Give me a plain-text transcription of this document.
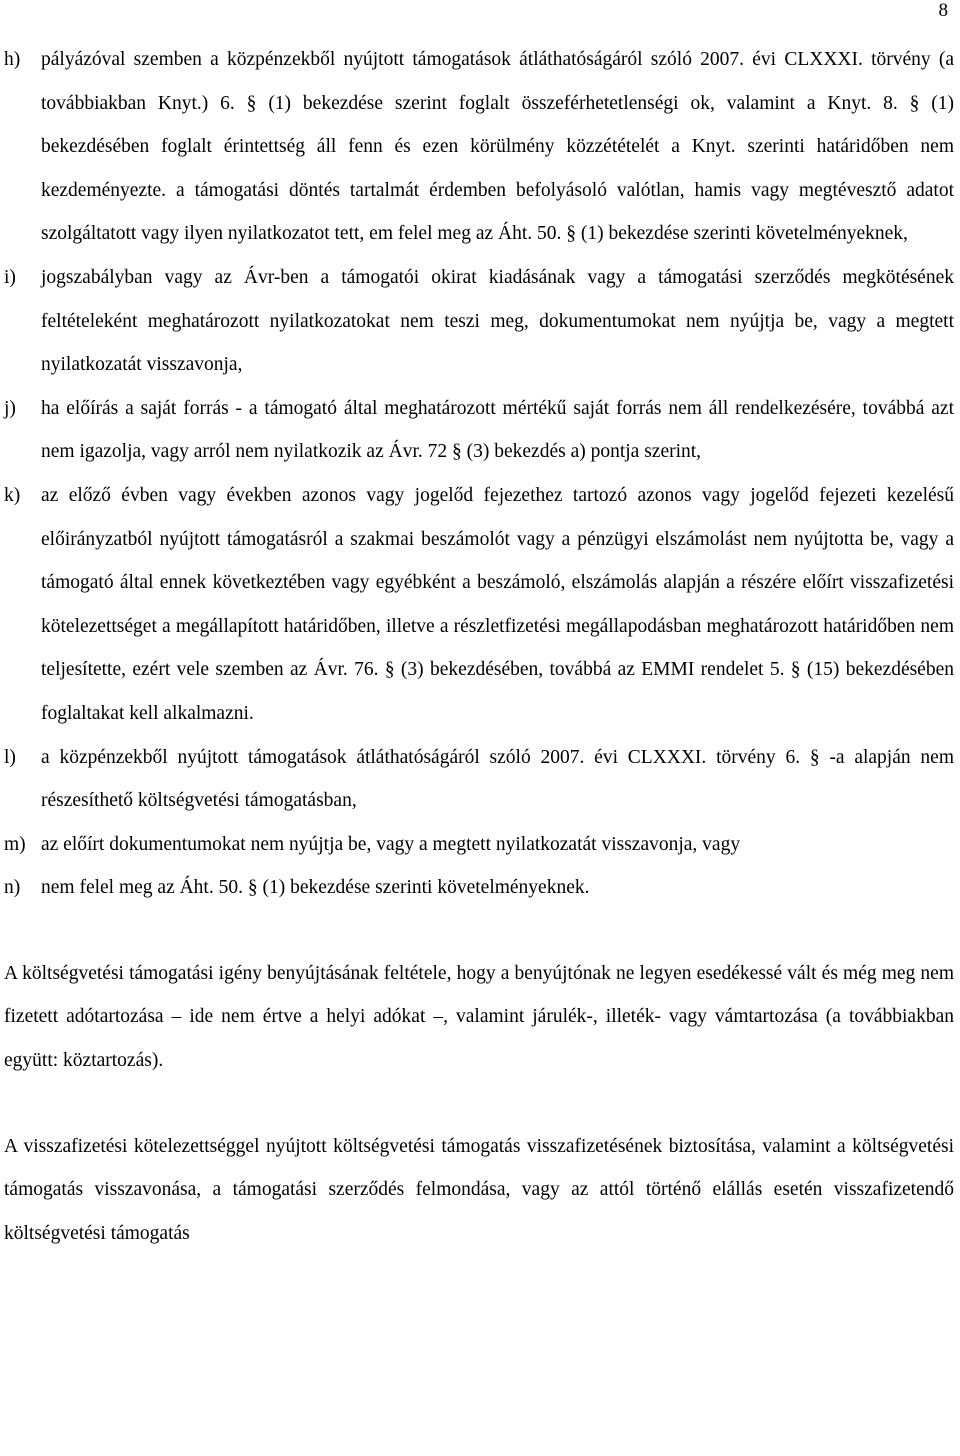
8
h)	pályázóval szemben a közpénzekből nyújtott támogatások átláthatóságáról szóló 2007. évi CLXXXI. törvény (a továbbiakban Knyt.) 6. § (1) bekezdése szerint foglalt összeférhetetlenségi ok, valamint a Knyt. 8. § (1) bekezdésében foglalt érintettség áll fenn és ezen körülmény közzétételét a Knyt. szerinti határidőben nem kezdeményezte. a támogatási döntés tartalmát érdemben befolyásoló valótlan, hamis vagy megtévesztő adatot szolgáltatott vagy ilyen nyilatkozatot tett, em felel meg az Áht. 50. § (1) bekezdése szerinti követelményeknek,
i)	jogszabályban vagy az Ávr-ben a támogatói okirat kiadásának vagy a támogatási szerződés megkötésének feltételeként meghatározott nyilatkozatokat nem teszi meg, dokumentumokat nem nyújtja be, vagy a megtett nyilatkozatát visszavonja,
j)	ha előírás a saját forrás - a támogató által meghatározott mértékű saját forrás nem áll rendelkezésére, továbbá azt nem igazolja, vagy arról nem nyilatkozik az Ávr. 72 § (3) bekezdés a) pontja szerint,
k)	az előző évben vagy években azonos vagy jogelőd fejezethez tartozó azonos vagy jogelőd fejezeti kezelésű előirányzatból nyújtott támogatásról a szakmai beszámolót vagy a pénzügyi elszámolást nem nyújtotta be, vagy a támogató által ennek következtében vagy egyébként a beszámoló, elszámolás alapján a részére előírt visszafizetési kötelezettséget a megállapított határidőben, illetve a részletfizetési megállapodásban meghatározott határidőben nem teljesítette, ezért vele szemben az Ávr. 76. § (3) bekezdésében, továbbá az EMMI rendelet 5. § (15) bekezdésében foglaltakat kell alkalmazni.
l)	a közpénzekből nyújtott támogatások átláthatóságáról szóló 2007. évi CLXXXI. törvény 6. § -a alapján nem részesíthető költségvetési támogatásban,
m) az előírt dokumentumokat nem nyújtja be, vagy a megtett nyilatkozatát visszavonja, vagy
n)	nem felel meg az Áht. 50. § (1) bekezdése szerinti követelményeknek.

A költségvetési támogatási igény benyújtásának feltétele, hogy a benyújtónak ne legyen esedékessé vált és még meg nem fizetett adótartozása – ide nem értve a helyi adókat –, valamint járulék-, illeték- vagy vámtartozása (a továbbiakban együtt: köztartozás).

A visszafizetési kötelezettséggel nyújtott költségvetési támogatás visszafizetésének biztosítása, valamint a költségvetési támogatás visszavonása, a támogatási szerződés felmondása, vagy az attól történő elállás esetén visszafizetendő költségvetési támogatás
